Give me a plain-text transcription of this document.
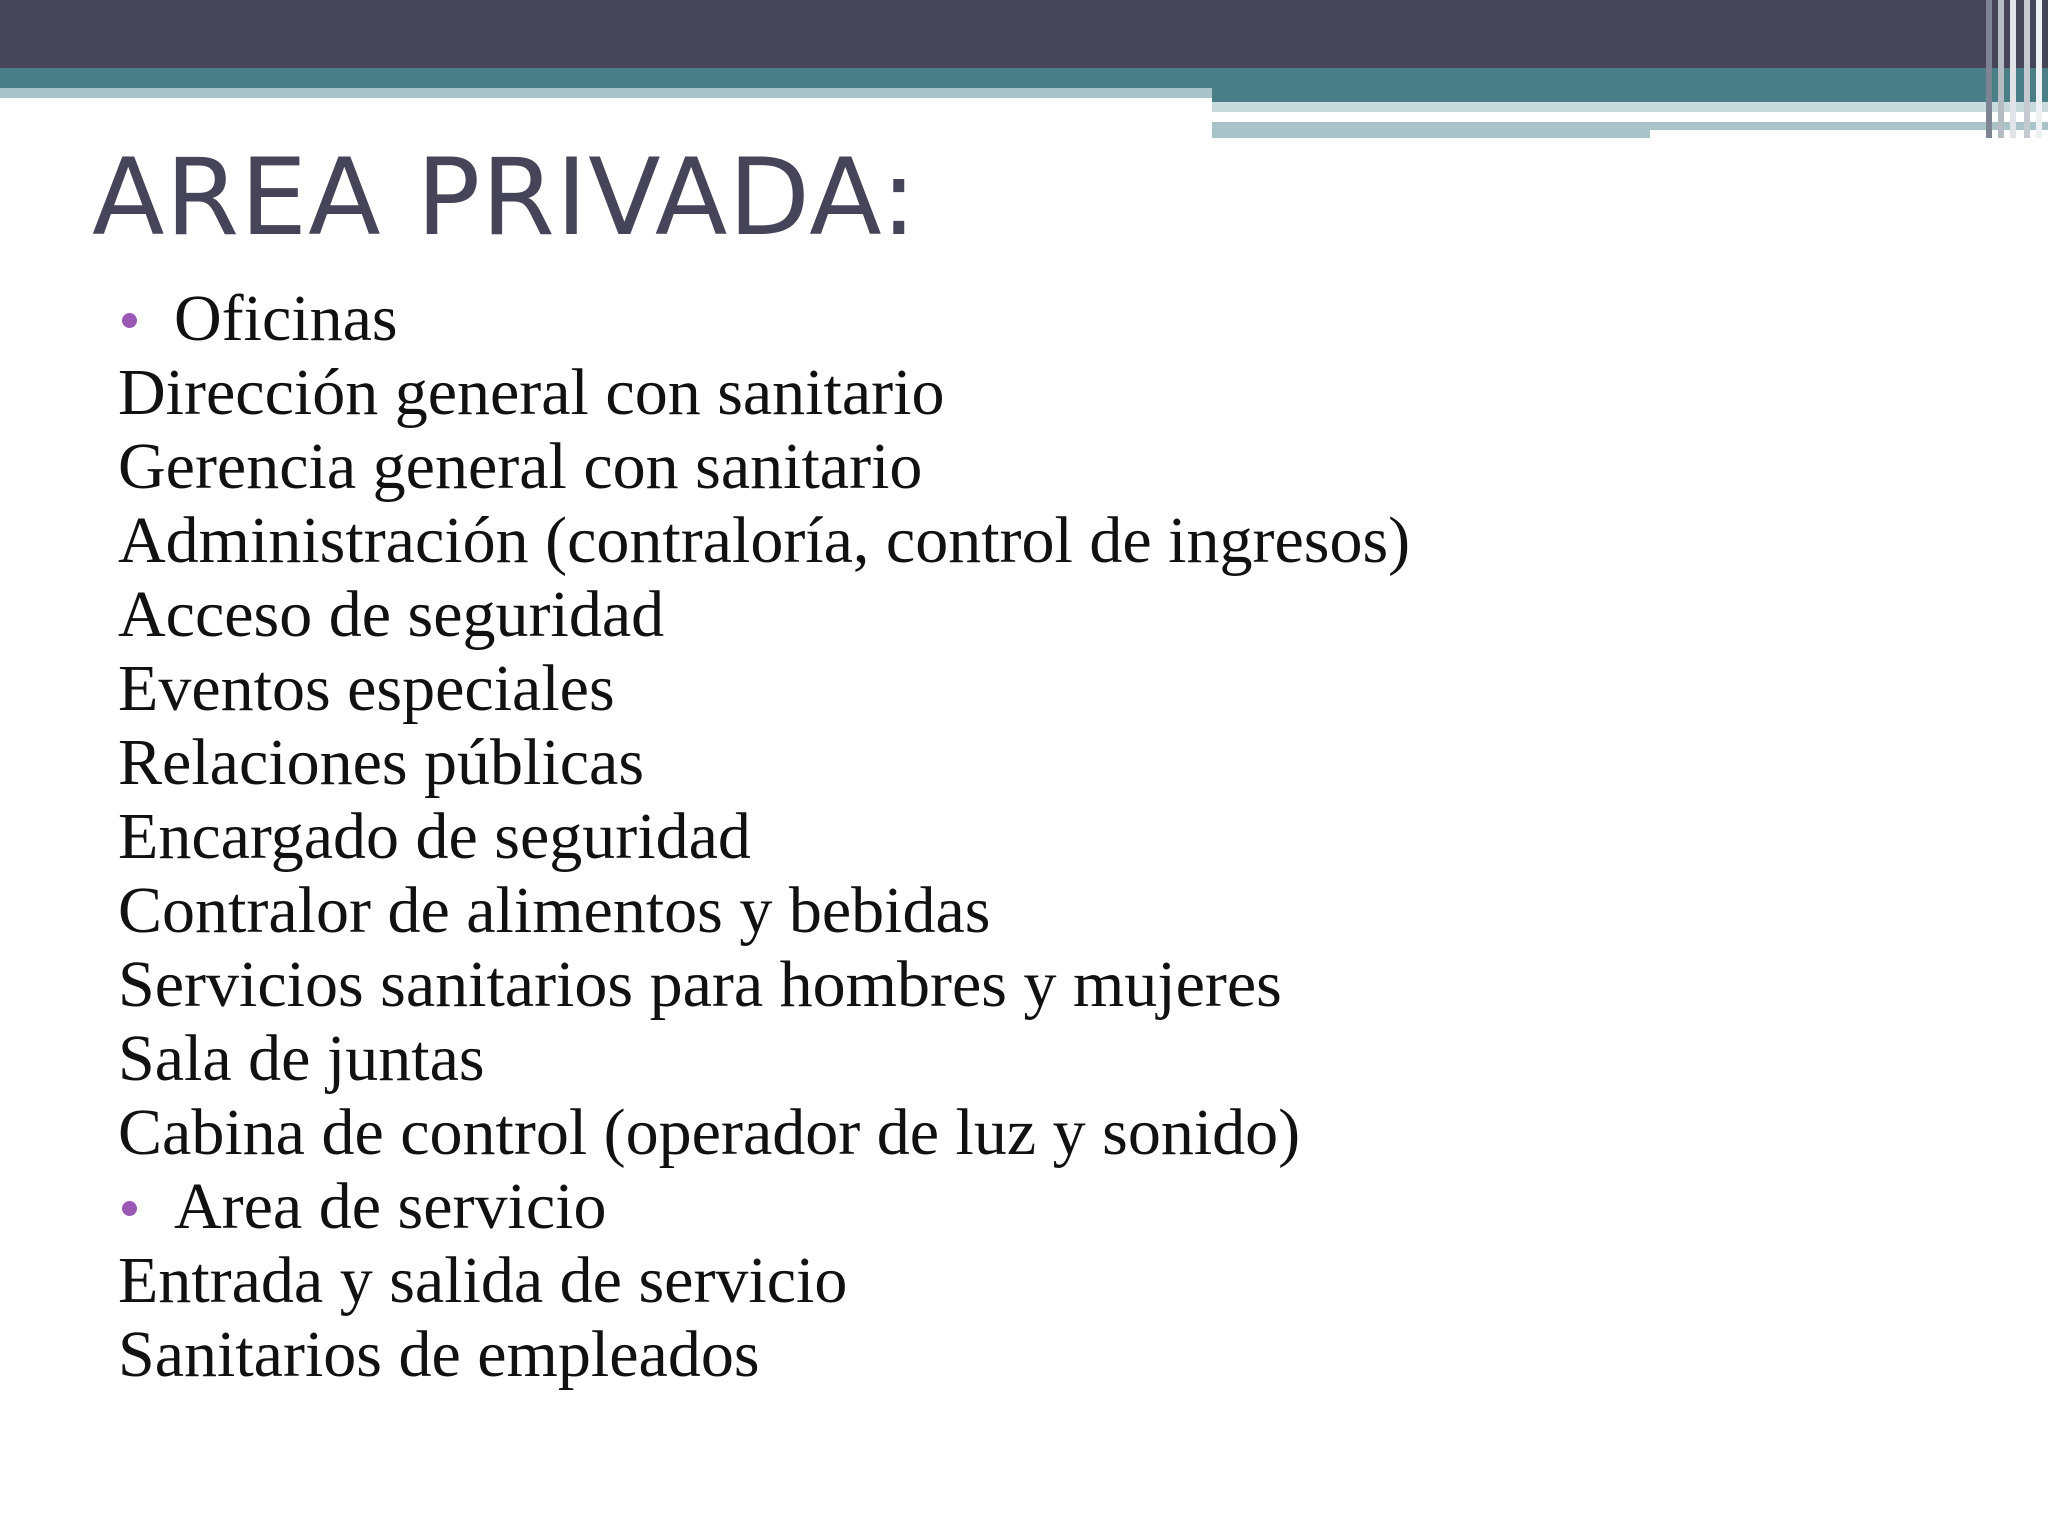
AREA PRIVADA:
Oficinas
Dirección general con sanitario
Gerencia general con sanitario
Administración (contraloría, control de ingresos)
Acceso de seguridad
Eventos especiales
Relaciones públicas
Encargado de seguridad
Contralor de alimentos y bebidas
Servicios sanitarios para hombres y mujeres
Sala de juntas
Cabina de control (operador de luz y sonido)
Area de servicio
Entrada y salida de servicio
Sanitarios de empleados
